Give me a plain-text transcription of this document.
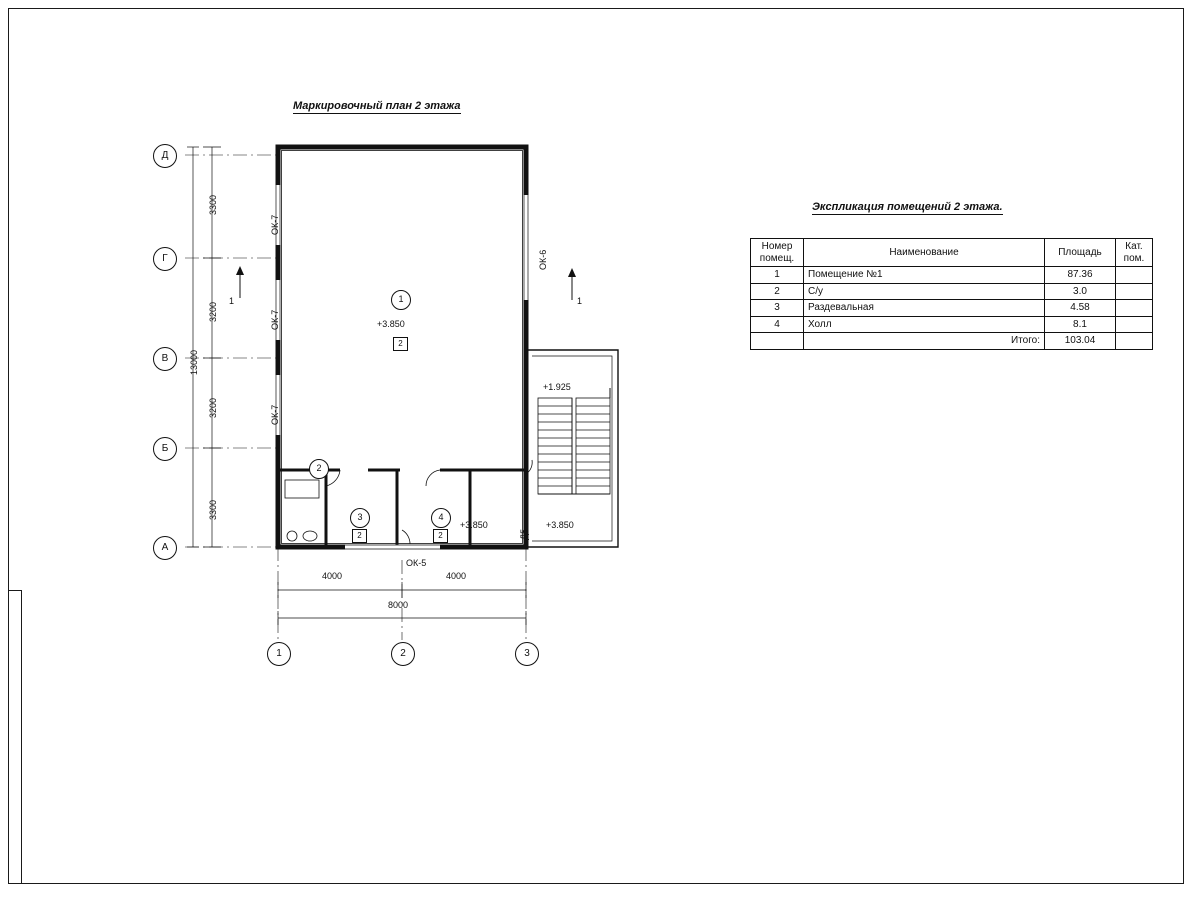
Маркировочный план 2 этажа
Экспликация помещений 2 этажа.
Номер
помещ.	Наименование	Площадь	Кат.
пом.
1	Помещение №1	87.36	
2	С/у	3.0	
3	Раздевальная	4.58	
4	Холл	8.1	
	Итого:	103.04	
Д
Г
В
Б
А
1	2	3
3300
3200
3200
3300
13000
4000	4000
8000
ОК-7
ОК-7
ОК-7
ОК-6
ОК-5
Д5
1	1
1
2
+3.850
2
3
2
4
2
+3.850
+1.925
+3.850
